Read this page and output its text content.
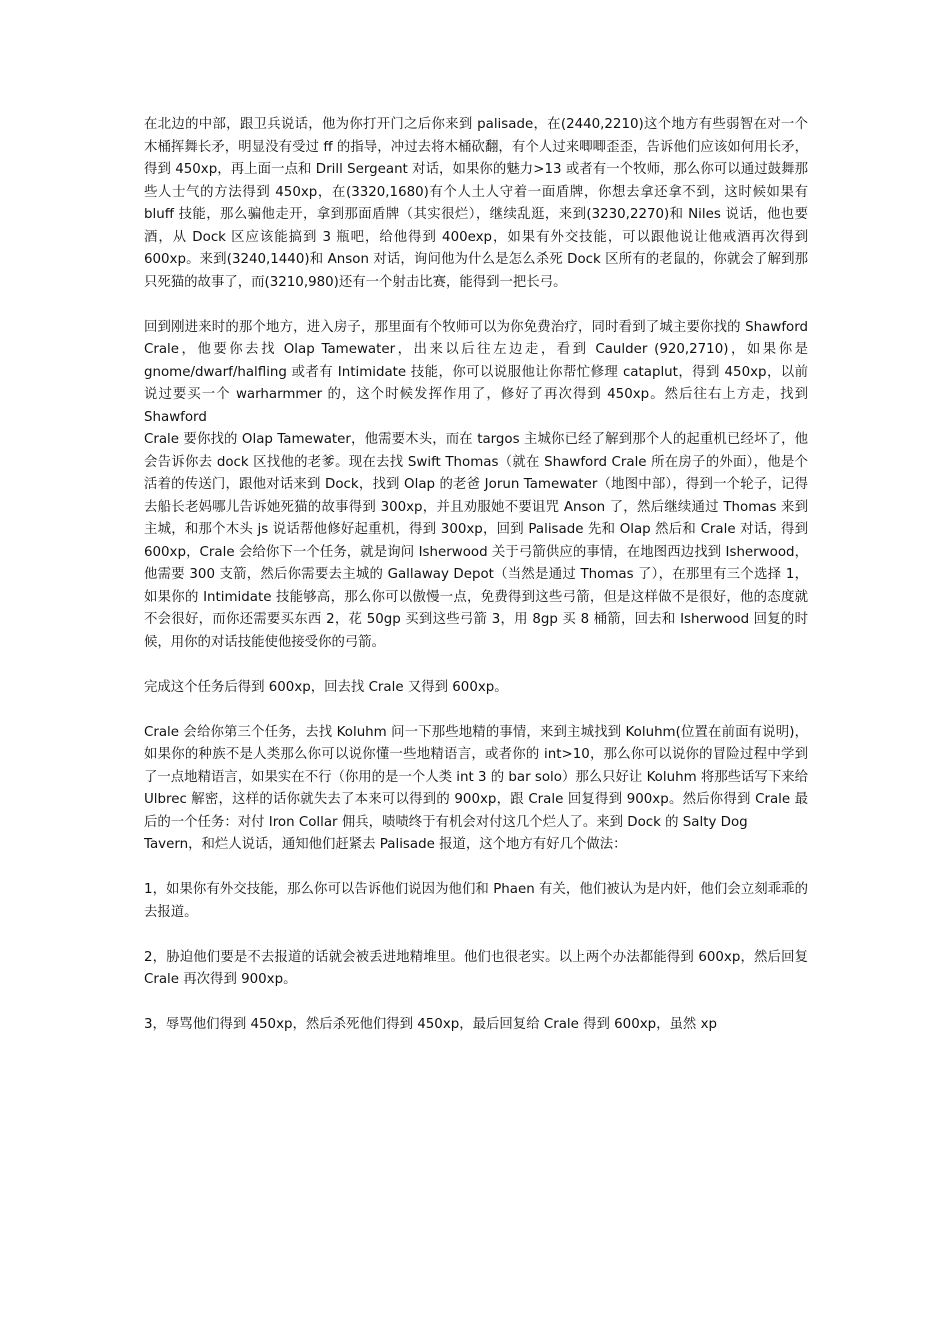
在北边的中部，跟卫兵说话，他为你打开门之后你来到 palisade，在(2440,2210)这个地方有些弱智在对一个木桶挥舞长矛，明显没有受过 ff 的指导，冲过去将木桶砍翻，有个人过来唧唧歪歪，告诉他们应该如何用长矛，得到 450xp，再上面一点和 Drill Sergeant 对话，如果你的魅力>13 或者有一个牧师，那么你可以通过鼓舞那些人士气的方法得到 450xp，在(3320,1680)有个人土人守着一面盾牌，你想去拿还拿不到，这时候如果有 bluff 技能，那么骗他走开，拿到那面盾牌（其实很烂），继续乱逛，来到(3230,2270)和 Niles 说话，他也要酒，从 Dock 区应该能搞到 3 瓶吧，给他得到 400exp，如果有外交技能，可以跟他说让他戒酒再次得到 600xp。来到(3240,1440)和 Anson 对话，询问他为什么是怎么杀死 Dock 区所有的老鼠的，你就会了解到那只死猫的故事了，而(3210,980)还有一个射击比赛，能得到一把长弓。

回到刚进来时的那个地方，进入房子，那里面有个牧师可以为你免费治疗，同时看到了城主要你找的 Shawford Crale，他要你去找 Olap Tamewater，出来以后往左边走，看到 Caulder (920,2710)，如果你是 gnome/dwarf/halfling 或者有 Intimidate 技能，你可以说服他让你帮忙修理 cataplut，得到 450xp，以前说过要买一个 warharmmer 的，这个时候发挥作用了，修好了再次得到 450xp。然后往右上方走，找到 Shawford
Crale 要你找的 Olap Tamewater，他需要木头，而在 targos 主城你已经了解到那个人的起重机已经坏了，他会告诉你去 dock 区找他的老爹。现在去找 Swift Thomas（就在 Shawford Crale 所在房子的外面），他是个活着的传送门，跟他对话来到 Dock，找到 Olap 的老爸 Jorun Tamewater（地图中部），得到一个轮子，记得去船长老妈哪儿告诉她死猫的故事得到 300xp，并且劝服她不要诅咒 Anson 了，然后继续通过 Thomas 来到主城，和那个木头 js 说话帮他修好起重机，得到 300xp，回到 Palisade 先和 Olap 然后和 Crale 对话，得到 600xp，Crale 会给你下一个任务，就是询问 Isherwood 关于弓箭供应的事情，在地图西边找到 Isherwood，他需要 300 支箭，然后你需要去主城的 Gallaway Depot（当然是通过 Thomas 了），在那里有三个选择 1，如果你的 Intimidate 技能够高，那么你可以傲慢一点，免费得到这些弓箭，但是这样做不是很好，他的态度就不会很好，而你还需要买东西 2，花 50gp 买到这些弓箭 3，用 8gp 买 8 桶箭，回去和 Isherwood 回复的时候，用你的对话技能使他接受你的弓箭。

完成这个任务后得到 600xp，回去找 Crale 又得到 600xp。

Crale 会给你第三个任务，去找 Koluhm 问一下那些地精的事情，来到主城找到 Koluhm(位置在前面有说明)，如果你的种族不是人类那么你可以说你懂一些地精语言，或者你的 int>10，那么你可以说你的冒险过程中学到了一点地精语言，如果实在不行（你用的是一个人类 int 3 的 bar solo）那么只好让 Koluhm 将那些话写下来给 Ulbrec 解密，这样的话你就失去了本来可以得到的 900xp，跟 Crale 回复得到 900xp。然后你得到 Crale 最后的一个任务：对付 Iron Collar 佣兵，啧啧终于有机会对付这几个烂人了。来到 Dock 的 Salty Dog
Tavern，和烂人说话，通知他们赶紧去 Palisade 报道，这个地方有好几个做法：

1，如果你有外交技能，那么你可以告诉他们说因为他们和 Phaen 有关，他们被认为是内奸，他们会立刻乖乖的去报道。

2，胁迫他们要是不去报道的话就会被丢进地精堆里。他们也很老实。以上两个办法都能得到 600xp，然后回复 Crale 再次得到 900xp。

3，辱骂他们得到 450xp，然后杀死他们得到 450xp，最后回复给 Crale 得到 600xp，虽然 xp
